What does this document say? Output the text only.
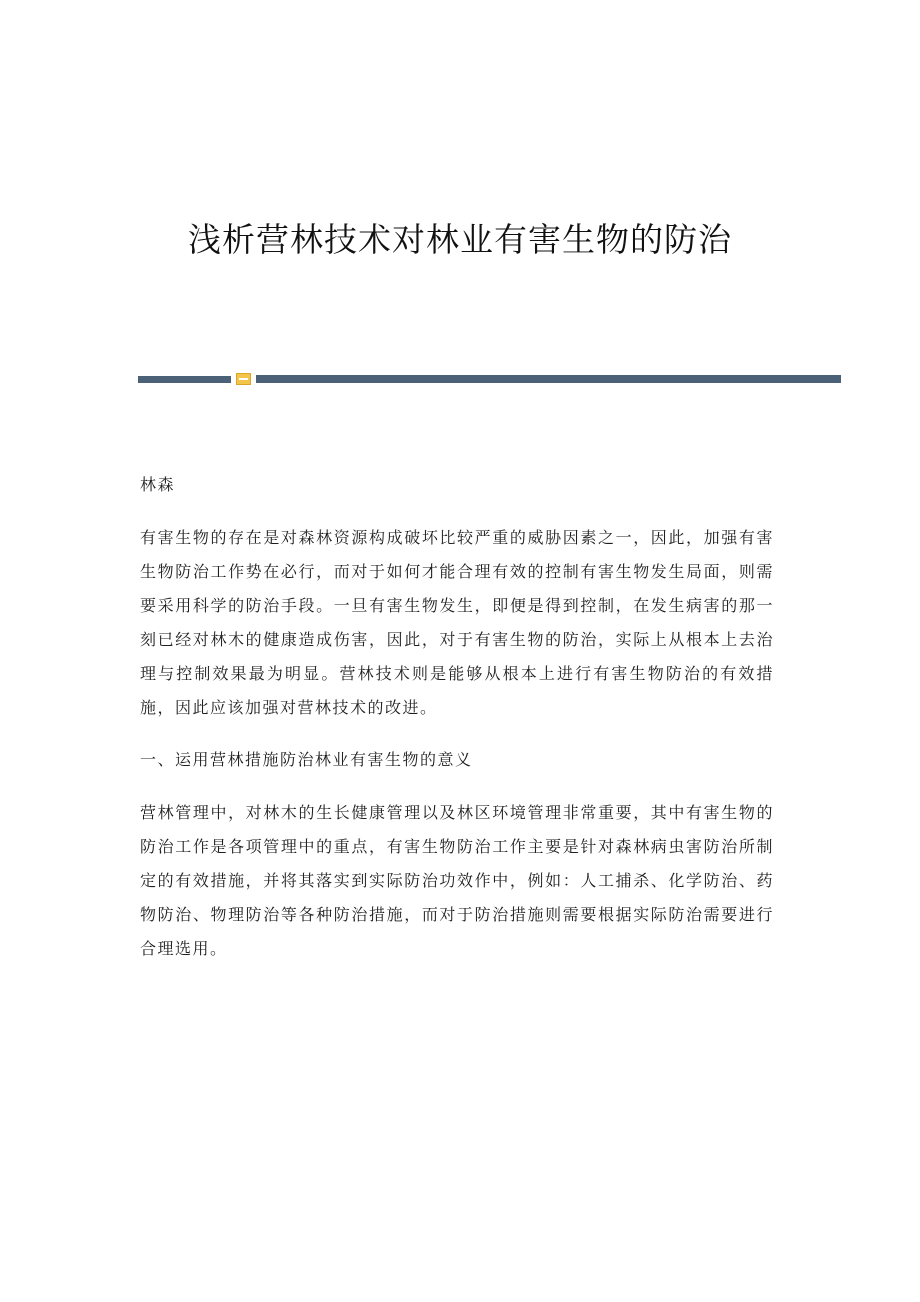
浅析营林技术对林业有害生物的防治

林森

有害生物的存在是对森林资源构成破坏比较严重的威胁因素之一，因此，加强有害生物防治工作势在必行，而对于如何才能合理有效的控制有害生物发生局面，则需要采用科学的防治手段。一旦有害生物发生，即便是得到控制，在发生病害的那一刻已经对林木的健康造成伤害，因此，对于有害生物的防治，实际上从根本上去治理与控制效果最为明显。营林技术则是能够从根本上进行有害生物防治的有效措施，因此应该加强对营林技术的改进。

一、运用营林措施防治林业有害生物的意义

营林管理中，对林木的生长健康管理以及林区环境管理非常重要，其中有害生物的防治工作是各项管理中的重点，有害生物防治工作主要是针对森林病虫害防治所制定的有效措施，并将其落实到实际防治功效作中，例如：人工捕杀、化学防治、药物防治、物理防治等各种防治措施，而对于防治措施则需要根据实际防治需要进行合理选用。
